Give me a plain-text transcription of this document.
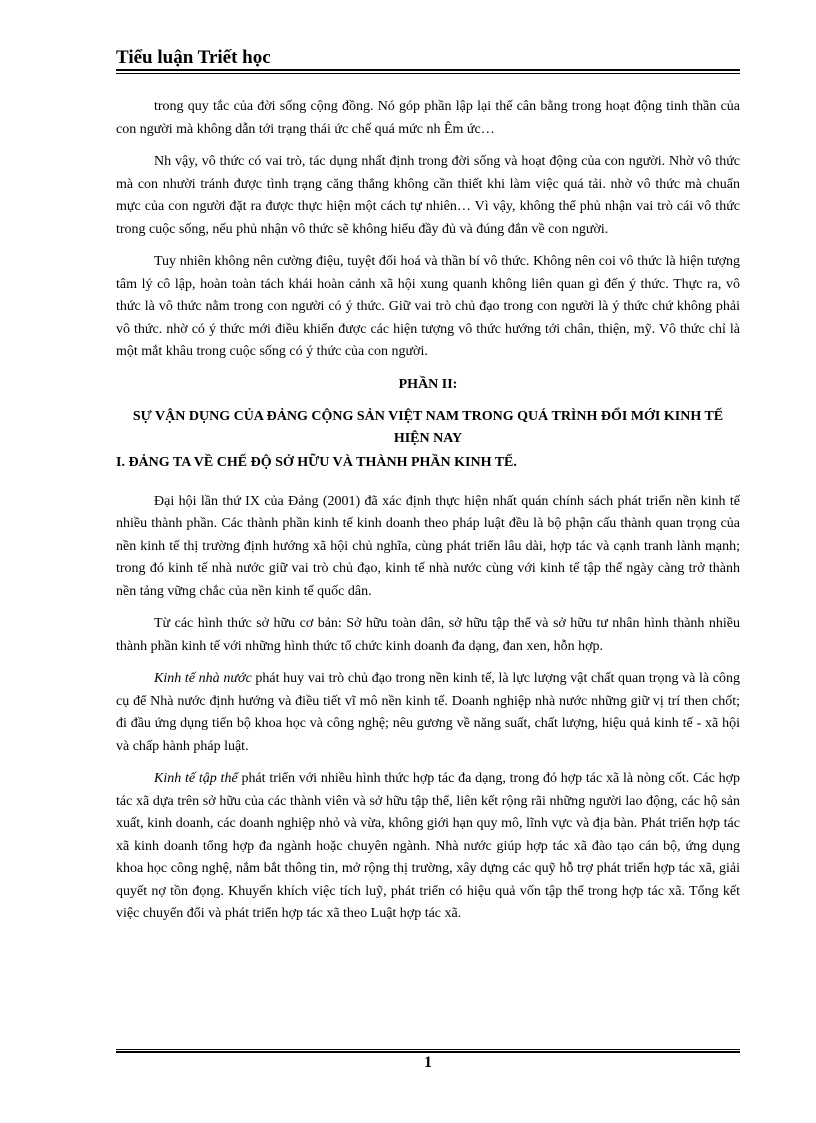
Tiểu luận Triết học

trong quy tắc của đời sống cộng đồng. Nó góp phần lập lại thế cân bằng trong hoạt động tinh thần của con người mà không dẫn tới trạng thái ức chế quá mức nh Êm ức…

Nh vậy, vô thức có vai trò, tác dụng nhất định trong đời sống và hoạt động của con người. Nhờ vô thức mà con nhười tránh được tình trạng căng thẳng không cần thiết khi làm việc quá tải. nhờ vô thức mà chuẩn mực của con người đặt ra được thực hiện một cách tự nhiên… Vì vậy, không thể phủ nhận vai trò cái vô thức trong cuộc sống, nếu phủ nhận vô thức sẽ không hiểu đầy đủ và đúng đắn về con người.

Tuy nhiên không nên cường điệu, tuyệt đối hoá và thần bí vô thức. Không nên coi vô thức là hiện tượng tâm lý cô lập, hoàn toàn tách khái hoàn cảnh xã hội xung quanh không liên quan gì đến ý thức. Thực ra, vô thức là vô thức nằm trong con người có ý thức. Giữ vai trò chủ đạo trong con người là ý thức chứ không phải vô thức. nhờ có ý thức mới điều khiển được các hiện tượng vô thức hướng tới chân, thiện, mỹ. Vô thức chỉ là một mắt khâu trong cuộc sống có ý thức của con người.

PHẦN II:
SỰ VẬN DỤNG CỦA ĐẢNG CỘNG SẢN VIỆT NAM TRONG QUÁ TRÌNH ĐỔI MỚI KINH TẾ HIỆN NAY
I. ĐẢNG TA VỀ CHẾ ĐỘ SỞ HỮU VÀ THÀNH PHẦN KINH TẾ.

Đại hội lần thứ IX của Đảng (2001) đã xác định thực hiện nhất quán chính sách phát triển nền kinh tế nhiều thành phần. Các thành phần kinh tế kinh doanh theo pháp luật đều là bộ phận cấu thành quan trọng của nền kinh tế thị trường định hướng xã hội chủ nghĩa, cùng phát triển lâu dài, hợp tác và cạnh tranh lành mạnh; trong đó kinh tế nhà nước giữ vai trò chủ đạo, kinh tế nhà nước cùng với kinh tế tập thể ngày càng trở thành nền tảng vững chắc của nền kinh tế quốc dân.

Từ các hình thức sở hữu cơ bản: Sở hữu toàn dân, sở hữu tập thể và sở hữu tư nhân hình thành nhiều thành phần kinh tế với những hình thức tổ chức kinh doanh đa dạng, đan xen, hỗn hợp.

Kinh tế nhà nước phát huy vai trò chủ đạo trong nền kinh tế, là lực lượng vật chất quan trọng và là công cụ để Nhà nước định hướng và điều tiết vĩ mô nền kinh tế. Doanh nghiệp nhà nước những giữ vị trí then chốt; đi đầu ứng dụng tiến bộ khoa học và công nghệ; nêu gương về năng suất, chất lượng, hiệu quả kinh tế - xã hội và chấp hành pháp luật.

Kinh tế tập thể phát triển với nhiều hình thức hợp tác đa dạng, trong đó hợp tác xã là nòng cốt. Các hợp tác xã dựa trên sở hữu của các thành viên và sở hữu tập thể, liên kết rộng rãi những người lao động, các hộ sản xuất, kinh doanh, các doanh nghiệp nhỏ và vừa, không giới hạn quy mô, lĩnh vực và địa bàn. Phát triển hợp tác xã kinh doanh tổng hợp đa ngành hoặc chuyên ngành. Nhà nước giúp hợp tác xã đào tạo cán bộ, ứng dụng khoa học công nghệ, nắm bắt thông tin, mở rộng thị trường, xây dựng các quỹ hỗ trợ phát triển hợp tác xã, giải quyết nợ tồn đọng. Khuyến khích việc tích luỹ, phát triển có hiệu quả vốn tập thể trong hợp tác xã. Tổng kết việc chuyển đổi và phát triển hợp tác xã theo Luật hợp tác xã.

1
